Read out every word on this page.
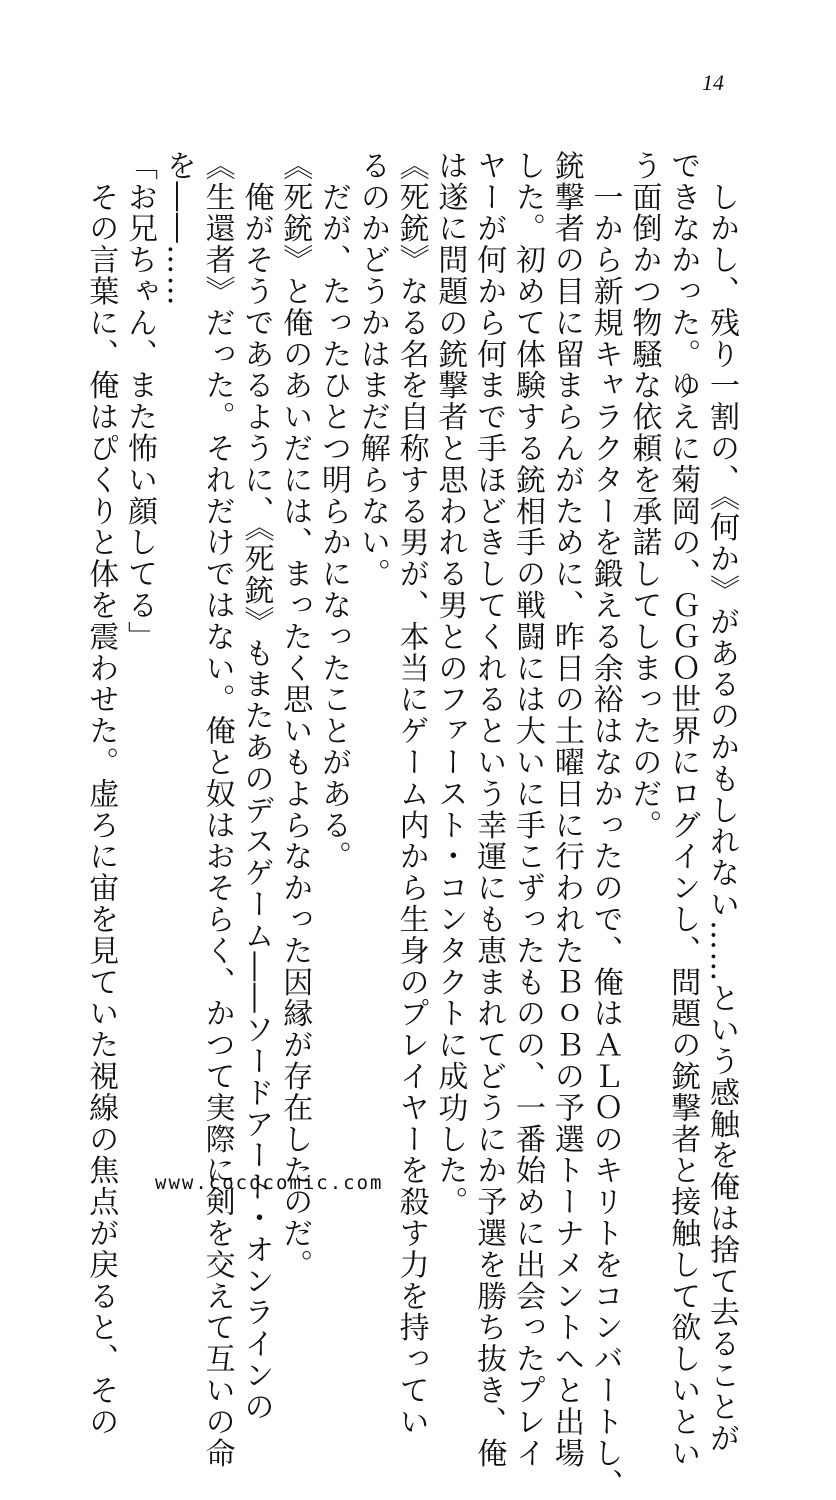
14
　しかし、残り一割の、《何か》があるのかもしれない……という感触を俺は捨て去ることが
できなかった。ゆえに菊岡の、ＧＧＯ世界にログインし、問題の銃撃者と接触して欲しいとい
う面倒かつ物騒な依頼を承諾してしまったのだ。
　一から新規キャラクターを鍛える余裕はなかったので、俺はＡＬＯのキリトをコンバートし、
銃撃者の目に留まらんがために、昨日の土曜日に行われたＢｏＢの予選トーナメントへと出場
した。初めて体験する銃相手の戦闘には大いに手こずったものの、一番始めに出会ったプレイ
ヤーが何から何まで手ほどきしてくれるという幸運にも恵まれてどうにか予選を勝ち抜き、俺
は遂に問題の銃撃者と思われる男とのファースト・コンタクトに成功した。
《死銃》なる名を自称する男が、本当にゲーム内から生身のプレイヤーを殺す力を持ってい
るのかどうかはまだ解らない。
　だが、たったひとつ明らかになったことがある。
《死銃》と俺のあいだには、まったく思いもよらなかった因縁が存在したのだ。
　俺がそうであるように、《死銃》もまたあのデスゲーム――ソードアート・オンラインの
《生還者》だった。それだけではない。俺と奴はおそらく、かつて実際に剣を交えて互いの命
を――……
「お兄ちゃん、また怖い顔してる」
　その言葉に、俺はぴくりと体を震わせた。虚ろに宙を見ていた視線の焦点が戻ると、その www.cococomic.com
